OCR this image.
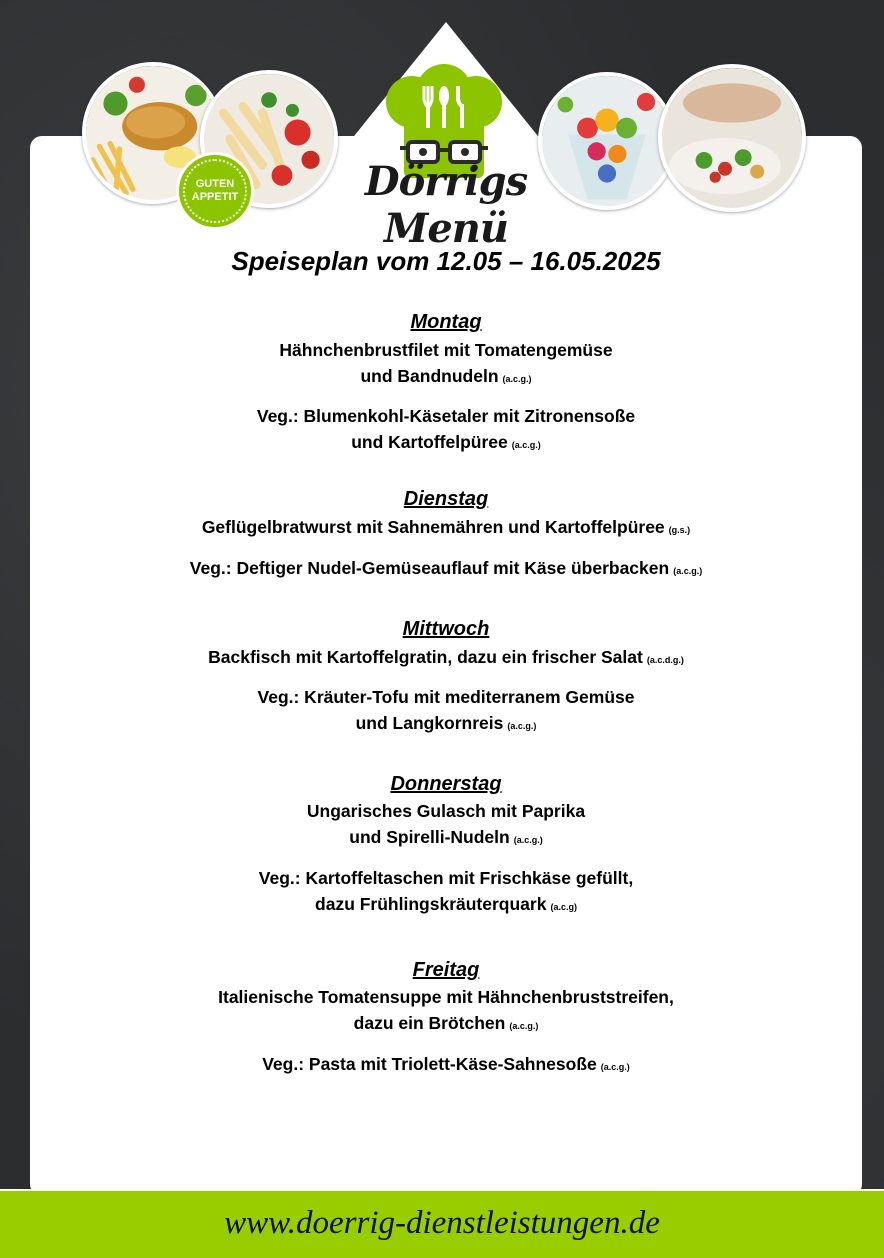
GUTEN
APPETIT	Dörrigs Menü
Speiseplan vom 12.05 – 16.05.2025
Montag
Hähnchenbrustfilet mit Tomatengemüse
und Bandnudeln (a.c.g.)
Veg.: Blumenkohl-Käsetaler mit Zitronensoße
und Kartoffelpüree (a.c.g.)
Dienstag
Geflügelbratwurst mit Sahnemähren und Kartoffelpüree (g.s.)
Veg.: Deftiger Nudel-Gemüseauflauf mit Käse überbacken (a.c.g.)
Mittwoch
Backfisch mit Kartoffelgratin, dazu ein frischer Salat (a.c.d.g.)
Veg.: Kräuter-Tofu mit mediterranem Gemüse
und Langkornreis (a.c.g.)
Donnerstag
Ungarisches Gulasch mit Paprika
und Spirelli-Nudeln (a.c.g.)
Veg.: Kartoffeltaschen mit Frischkäse gefüllt,
dazu Frühlingskräuterquark (a.c.g)
Freitag
Italienische Tomatensuppe mit Hähnchenbruststreifen,
dazu ein Brötchen (a.c.g.)
Veg.: Pasta mit Triolett-Käse-Sahnesoße (a.c.g.)
www.doerrig-dienstleistungen.de
